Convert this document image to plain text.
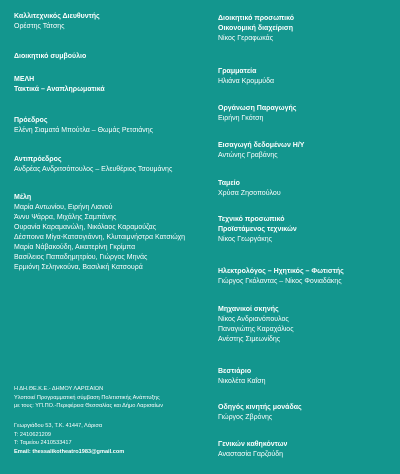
Καλλιτεχνικός Διευθυντής
Ορέστης Τάτσης
Διοικητικό συμβούλιο
ΜΕΛΗ
Τακτικά – Αναπληρωματικά
Πρόεδρος
Ελένη Σιαματά Μπούτλα – Θωμάς Ρετσιάνης
Αντιπρόεδρος
Ανδρέας Ανδριτσόπουλος – Ελευθέριος Τσουμάνης
Μέλη
Μαρία Αντωνίου, Ειρήνη Λιανού
Άννυ Ψάρρα, Μιχάλης Σαμπάνης
Ουρανία Καραμανώλη, Νικόλαος Καραμούζας
Δέσποινα Μίγα-Κατσογιάννη, Κλυταιμνήστρα Κατσιώχη
Μαρία Νάβακούδη, Αικατερίνη Γκρίμπα
Βασίλειος Παπαδημητρίου, Γιώργος Μηνάς
Ερμιόνη Σεληνκούνα, Βασιλική Κατσουρά
Η ΔΗ.ΘΕ.Κ.Ε.- ΔΗΜΟΥ ΛΑΡΙΣΑΙΩΝ
Υλοποιεί Προγραμματική σύμβαση Πολιτιστικής Ανάπτυξης
με τους: ΥΠ.ΠΟ.-Περιφέρεια Θεσσαλίας και Δήμο Λαρισαίων
Γεωργιάδου 53, Τ.Κ. 41447, Λάρισα
Τ: 2410621209
Τ: Ταμείου 2410533417
Email: thessalikotheatro1983@gmail.com
Διοικητικό προσωπικό
Οικονομική διαχείριση
Νίκος Γεραφωκάς
Γραμματεία
Ηλιάνα Κρομμύδα
Οργάνωση Παραγωγής
Ειρήνη Γκότση
Εισαγωγή δεδομένων Η/Υ
Αντώνης Γραβάνης
Ταμείο
Χρύσα Ζησοπούλου
Τεχνικό προσωπικό
Προϊστάμενος τεχνικών
Νίκος Γεωργάκης
Ηλεκτρολόγος – Ηχητικός – Φωτιστής
Γιώργος Γκόλαντας – Νίκος Φονιαδάκης
Μηχανικοί σκηνής
Νίκος Ανδριανόπουλος
Παναγιώτης Καραχάλιος
Ανέστης Σιμεωνίδης
Βεστιάριο
Νικολέτα Καΐση
Οδηγός κινητής μονάδας
Γιώργος Ζβρόνης
Γενικών καθηκόντων
Αναστασία Γαρζούδη
